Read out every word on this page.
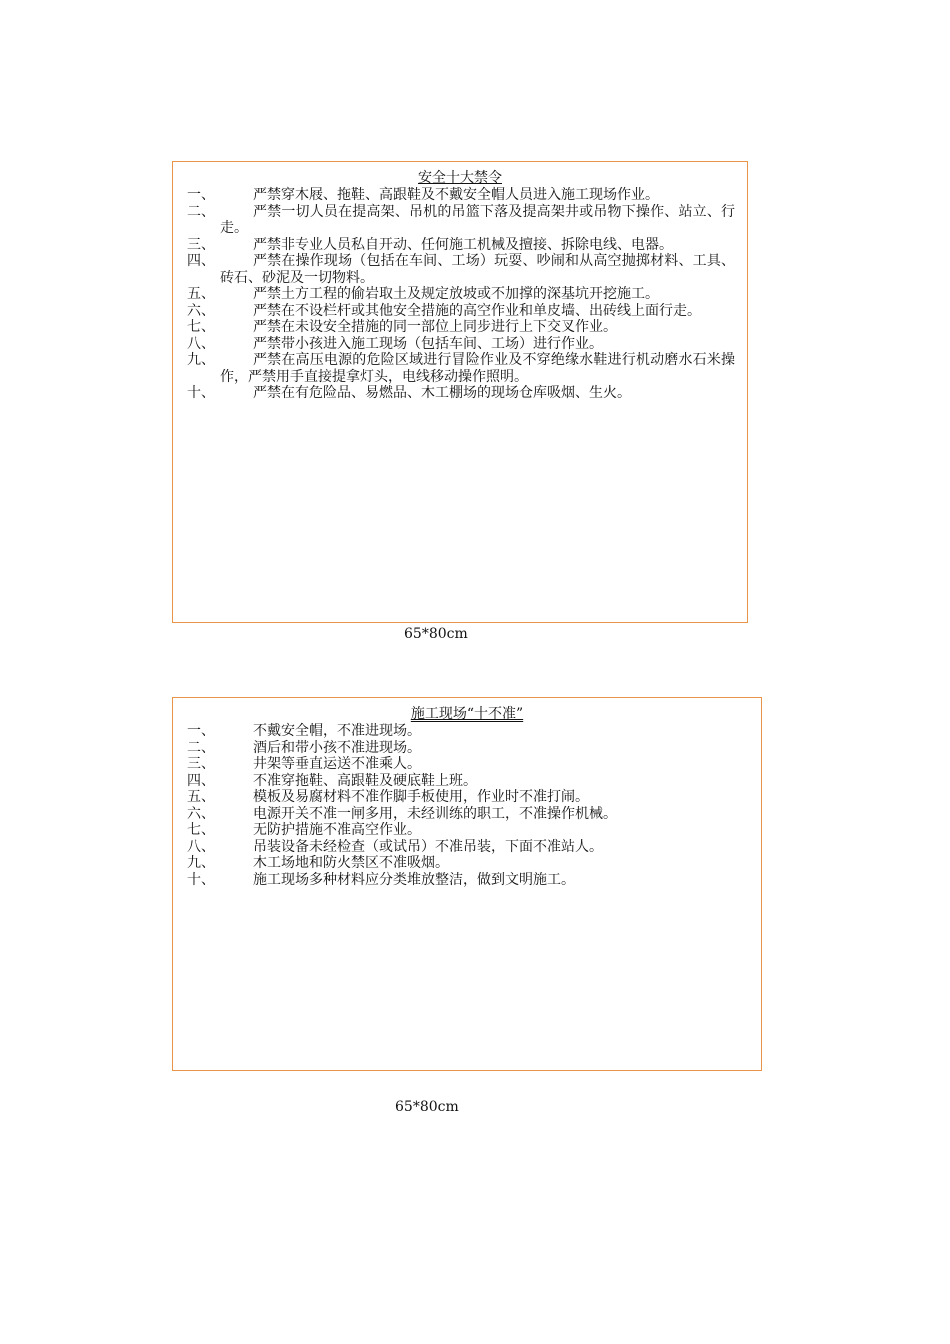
安全十大禁令
一、	严禁穿木屐、拖鞋、高跟鞋及不戴安全帽人员进入施工现场作业。
二、	严禁一切人员在提高架、吊机的吊篮下落及提高架井或吊物下操作、站立、行走。
三、	严禁非专业人员私自开动、任何施工机械及擅接、拆除电线、电器。
四、	严禁在操作现场（包括在车间、工场）玩耍、吵闹和从高空抛掷材料、工具、砖石、砂泥及一切物料。
五、	严禁土方工程的偷岩取土及规定放坡或不加撑的深基坑开挖施工。
六、	严禁在不设栏杆或其他安全措施的高空作业和单皮墙、出砖线上面行走。
七、	严禁在未设安全措施的同一部位上同步进行上下交叉作业。
八、	严禁带小孩进入施工现场（包括车间、工场）进行作业。
九、	严禁在高压电源的危险区域进行冒险作业及不穿绝缘水鞋进行机动磨水石米操作，严禁用手直接提拿灯头，电线移动操作照明。
十、	严禁在有危险品、易燃品、木工棚场的现场仓库吸烟、生火。
65*80cm
施工现场“十不准”
一、	不戴安全帽，不准进现场。
二、	酒后和带小孩不准进现场。
三、	井架等垂直运送不准乘人。
四、	不准穿拖鞋、高跟鞋及硬底鞋上班。
五、	模板及易腐材料不准作脚手板使用，作业时不准打闹。
六、	电源开关不准一闸多用，未经训练的职工，不准操作机械。
七、	无防护措施不准高空作业。
八、	吊装设备未经检查（或试吊）不准吊装，下面不准站人。
九、	木工场地和防火禁区不准吸烟。
十、	施工现场多种材料应分类堆放整洁，做到文明施工。
65*80cm
